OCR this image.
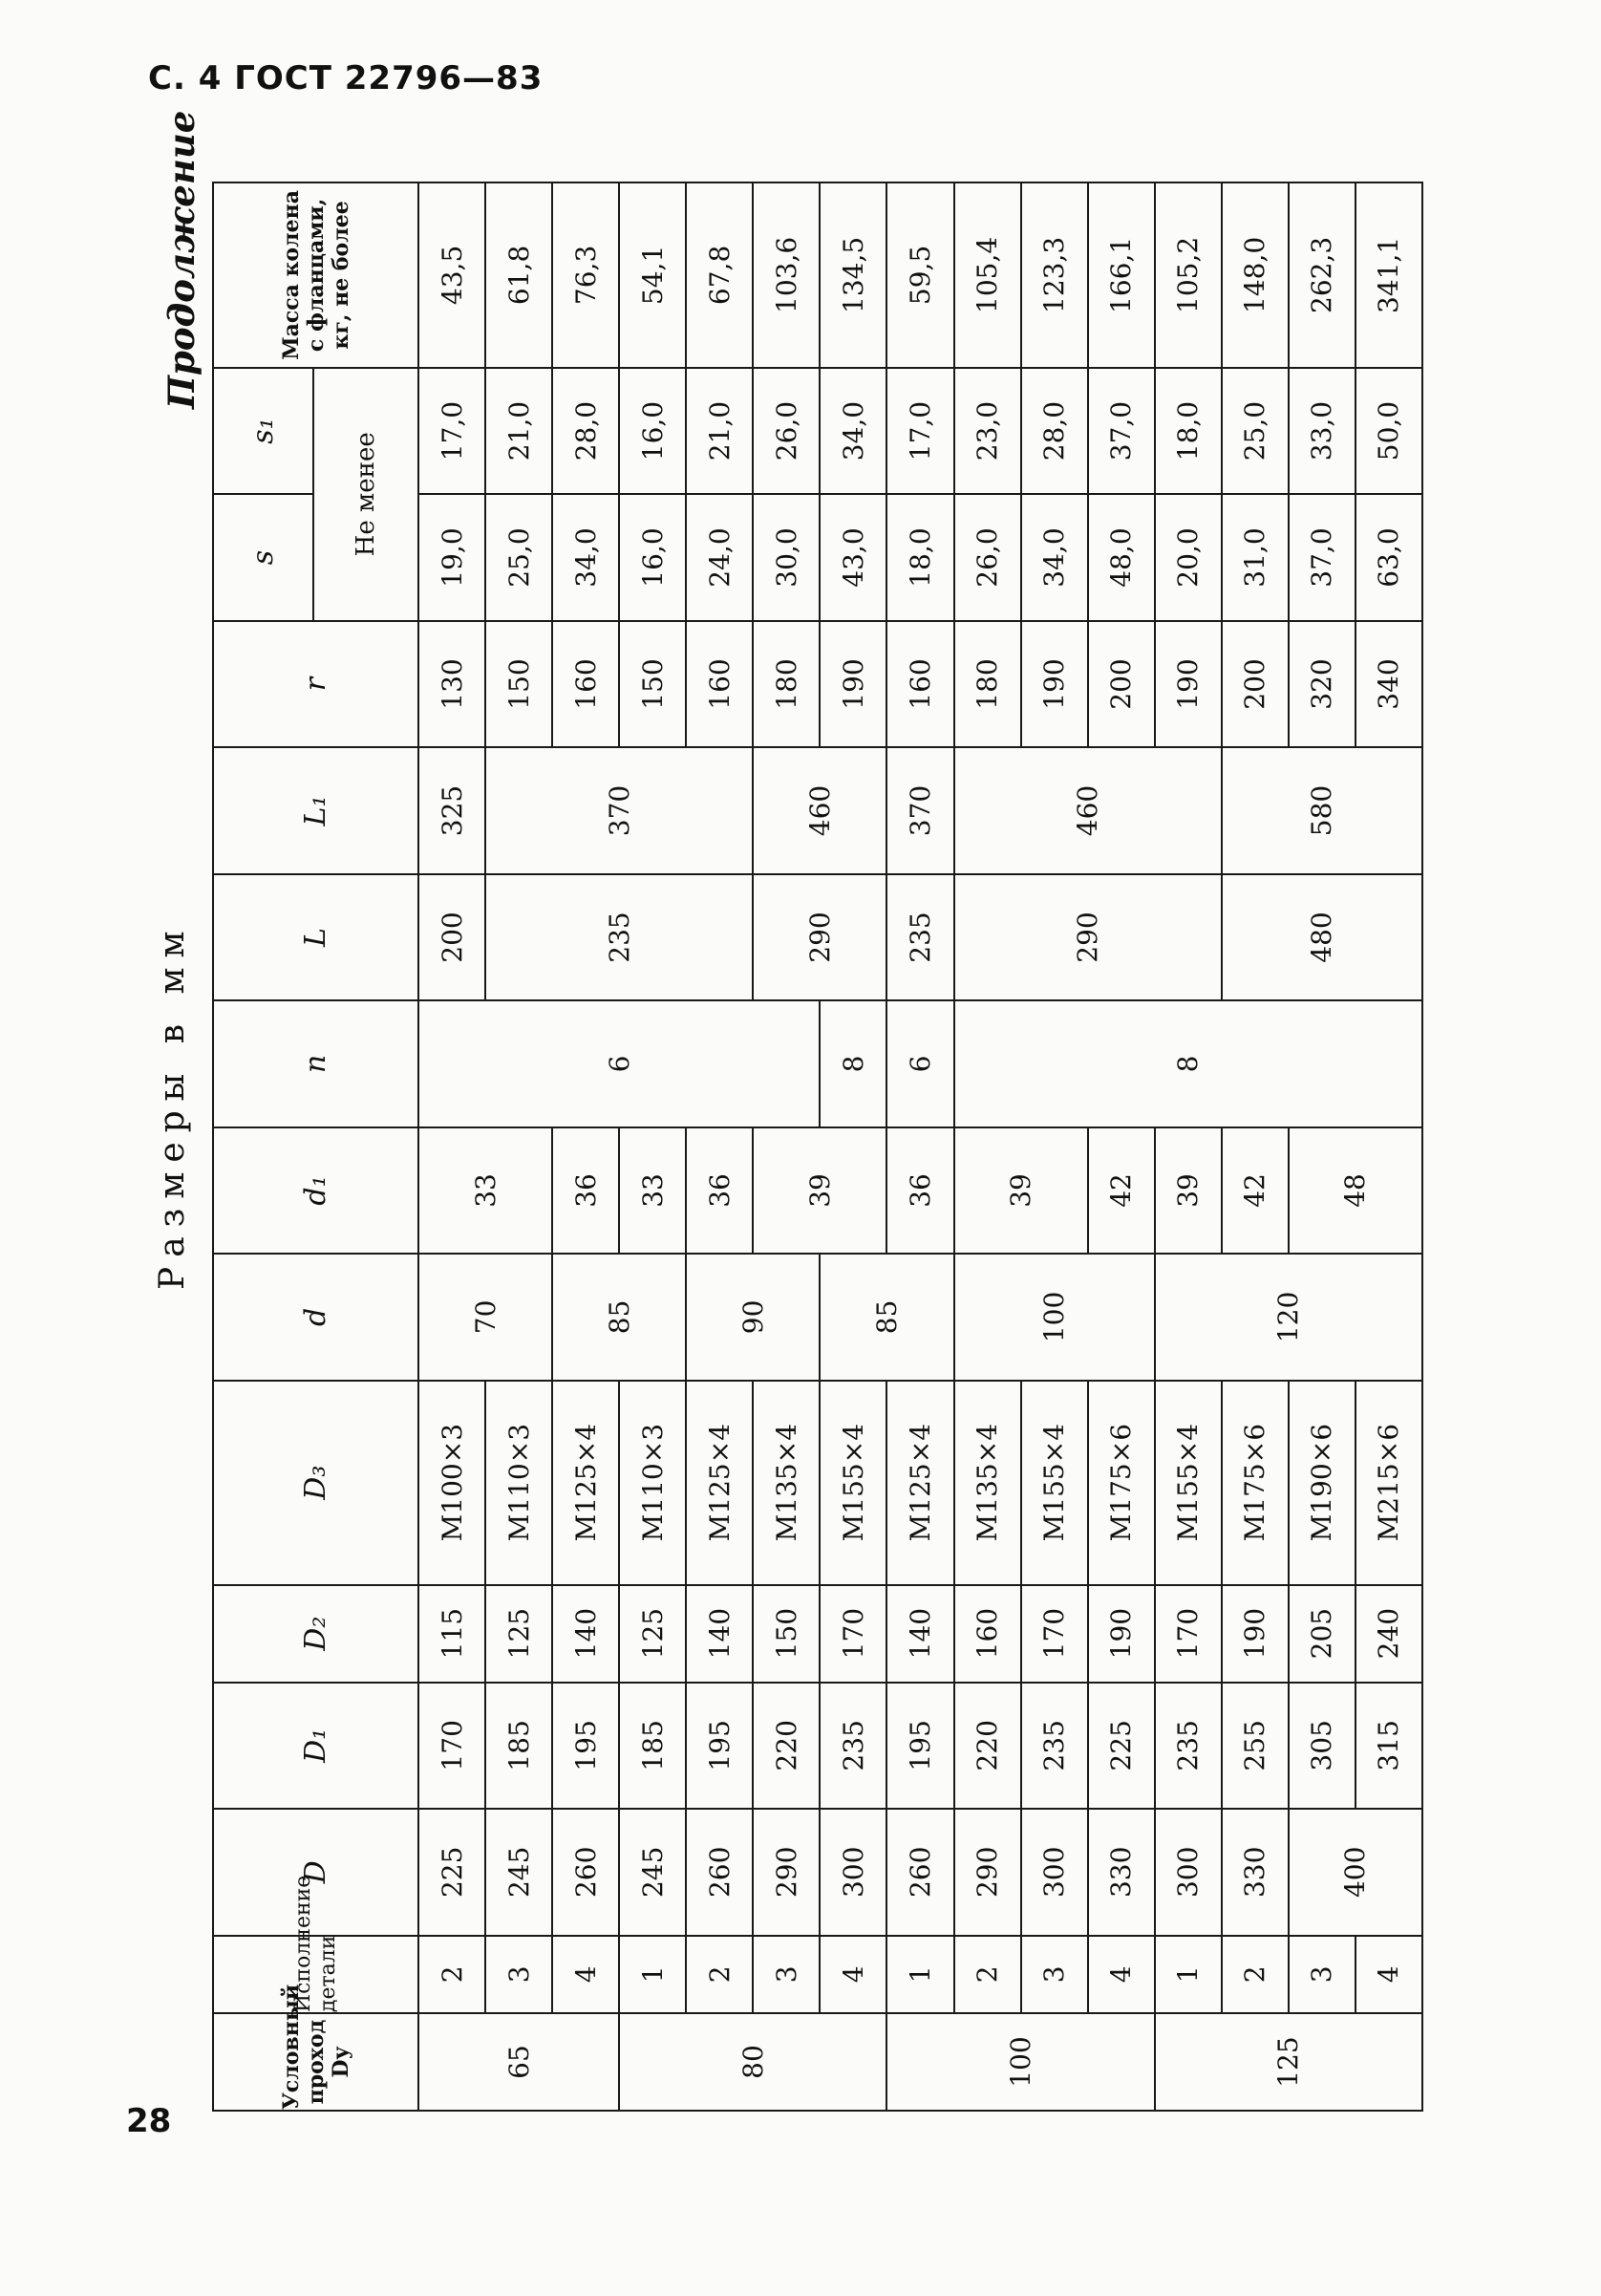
С. 4 ГОСТ 22796—83
28
Продолжение
Размеры в мм
Условный проход Dу	Исполнение детали	D	D₁	D₂	D₃	d	d₁	n	L	L₁	r	s	s₁	Масса колена с фланцами, кг, не более
												Не менее		
65	2	225	170	115	M100×3	70	33	6	200	325	130	19,0	17,0	43,5
	3	245	185	125	M110×3				235	370	150	25,0	21,0	61,8
	4	260	195	140	M125×4	85	36				160	34,0	28,0	76,3
80	1	245	185	125	M110×3		33				150	16,0	16,0	54,1
	2	260	195	140	M125×4	90	36				160	24,0	21,0	67,8
	3	290	220	150	M135×4		39		290	460	180	30,0	26,0	103,6
	4	300	235	170	M155×4	85		8			190	43,0	34,0	134,5
100	1	260	195	140	M125×4		36	6	235	370	160	18,0	17,0	59,5
	2	290	220	160	M135×4	100	39	8	290	460	180	26,0	23,0	105,4
	3	300	235	170	M155×4						190	34,0	28,0	123,3
	4	330	225	190	M175×6		42				200	48,0	37,0	166,1
125	1	300	235	170	M155×4	120	39				190	20,0	18,0	105,2
	2	330	255	190	M175×6		42		480	580	200	31,0	25,0	148,0
	3	400	305	205	M190×6		48				320	37,0	33,0	262,3
	4		315	240	M215×6						340	63,0	50,0	341,1
